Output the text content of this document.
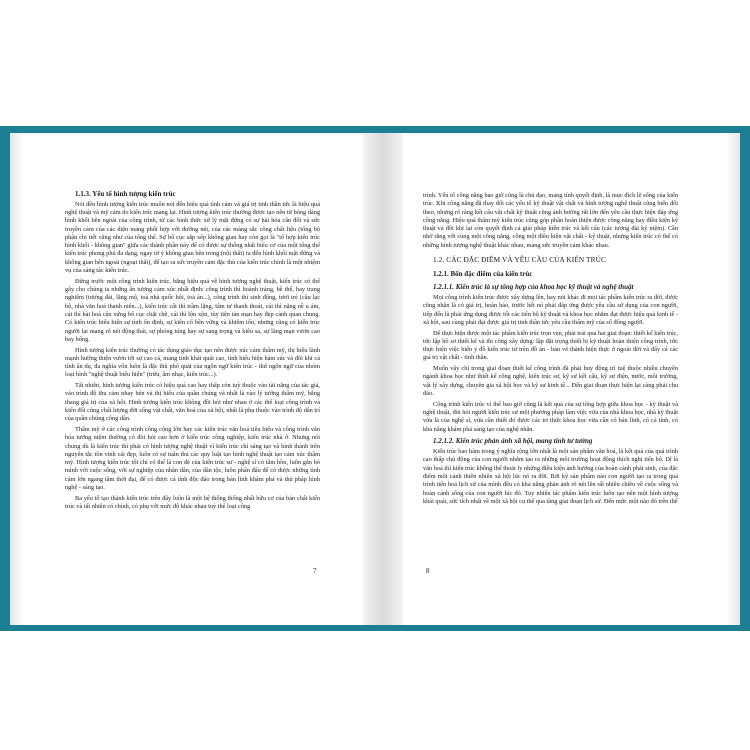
1.1.3. Yếu tố hình tượng kiến trúc

Nói đến hình tượng kiến trúc muốn nói đến hiệu quả tình cảm và giá trị tinh thần tức là hiệu quả nghệ thuật và mỹ cảm do kiến trúc mang lại. Hình tượng kiến trúc thường được tạo nên từ bóng dáng hình khối bên ngoài của công trình, từ các hình thức xử lý mặt đứng có sự hài hòa cân đối và sức truyền cảm của các diện mảng phối hợp với đường nét, của các mảng sắc công chất liệu (tổng bộ phận chi tiết cũng như của tổng thể. Sự bố cục sắp xếp không gian hay còn gọi là "tổ hợp kiến trúc hình khối - không gian" giữa các thành phần này để có được sự thống nhất biểu cơ của một tổng thể kiến trúc phong phú đa dạng, ngay từ ý không gian bên trong (nội thất) ra đến hình khối mặt đứng và không gian bên ngoài (ngoại thất), để tạo ra sức truyền cảm đặc thù của kiến trúc chính là một nhiệm vụ của sáng tác kiến trúc.

Đừng trước một công trình kiến trúc, bằng hiệu quả về hình tượng nghệ thuật, kiến trúc có thể gây cho chúng ta những ấn tượng cảm xúc nhất định: công trình thì hoành tráng, bề thế, hay trang nghiêm (tượng đài, lăng mộ, toà nhà quốc hội, toà án...), công trình thì sinh động, tươi trẻ (câu lạc bộ, nhà văn hoá thanh niên...), kiến trúc cất thì trầm lặng, tâm tư thanh thoát, cái thì nặng nề u ám, cái thì hài hoà cân xứng bố cục chặt chẽ, cái thì lộn xộn, tùy tiện tản mạn hay đẹp cảnh quan chung. Có kiến trúc biểu hiện sự tình ổn định, sự kiên cố bền vững và khiêm tốn, nhưng cũng có kiến trúc người lại mang rõ nét động thái, sự phóng túng hay sự sang trọng và kiêu sa, sự lãng mạn vươn cao bay bổng.

Hình tượng kiến trúc thường có tác dụng giáo dục tạo nên được xúc cảm thẩm mỹ, thị hiếu lành mạnh hướng thiện vươn tới sự cao cả, mang tính khái quát cao, tính hiểu hiện hàm súc và đôi khi cả tính ẩn dụ, đa nghĩa vốn luôn là đặc thù phổ quát của ngôn ngữ kiến trúc - thứ ngôn ngữ của nhóm loại hình "nghệ thuật biểu hiện" (trừu, âm nhạc, kiến trúc...).

Tất nhiên, hình tượng kiến trúc có hiệu quả cao hay thấp còn tuỳ thuộc vào tài năng của tác giả, vào trình độ thu cảm nhay bén và thị hiếu của quần chúng và nhất là vào lý tưởng thẩm mỹ, bằng thang giá trị của xã hội. Hình tượng kiến trúc không đồi hỏi như nhau ở các thể loại công trình và kiến đối cũng chất lượng đời sống vật chất, văn hoá của xã hội, nhất là phụ thuộc vào trình độ dân trí của quần chúng công dân.

Thẩm mỹ ở các công trình công cộng lớn hay các kiến trúc văn hoá tiêu biểu và công trình văn hóa tưởng niệm thường có đòi hỏi cao hơn ở kiến trúc công nghiệp, kiến trúc nhà ở. Nhưng nói chung dù là kiến trúc thì phải có hình tượng nghệ thuật vì kiến trúc chỉ sáng tạo và hình thành trên nguyên tắc tồn vinh cái đẹp, luôn có sự tuân thủ các quy luật tạo hình nghệ thuật tạo cảm xúc thẩm mỹ. Hình tượng kiến trúc tốt chỉ có thể là con đẻ của kiến trúc sư - nghệ sĩ có tâm hồn, luôn gắn bó mình với cuộc sống, với sự nghiệp của nhân dân, của dân tộc, luôn phấn đấu để có được những tình cảm lớn ngang tầm thời đại, để có được cả tính độc đáo trong bản lĩnh khám phá và thủ pháp hình nghệ - sáng tạo.

Ba yếu tố tạo thành kiến trúc trên đây luôn là một hệ thống thống nhất hữu cơ của bản chất kiến trúc và tất nhiên có chính, có phụ với mức độ khác nhau tuỳ thể loại công

7

trình. Yếu tố công năng bao giờ cũng là chủ đạo, mang tính quyết định, là mục đích lẽ sống của kiến trúc. Khi công năng đã thay đổi các yếu tố kỹ thuật vật chất và hình tượng nghệ thuật cũng biến đổi theo, nhưng rõ ràng kết cấu vật chất kỹ thuật cũng ảnh hưởng rất lớn đến yêu cầu thực hiện đáp ứng công năng. Hiệu quả thẩm mỹ kiến trúc cũng góp phần hoàn thiện được công năng hay điều kiện kỹ thuật và đôi khi lại còn quyết định cả giải pháp kiến trúc và kết cấu (các tượng đài ký niệm). Cần nhớ rằng với cùng một công năng, công một điều kiện vật chất - kỹ thuật, nhưng kiến trúc có thể có những hình tượng nghệ thuật khác nhau, mang sức truyền cảm khác nhau.

1.2. CÁC ĐẶC ĐIỂM VÀ YÊU CẦU CỦA KIẾN TRÚC

1.2.1. Bốn đặc điểm của kiến trúc

1.2.1.1. Kiến trúc là sự tổng hợp của khoa học kỹ thuật và nghệ thuật

Mọi công trình kiến trúc được xây dựng lên, hay nói khác đi mọi tác phẩm kiến trúc ra đời, được công nhận là có giá trị, hoàn hảo, trước hết nó phải đáp ứng được yêu cầu sử dụng của con người, tiếp đến là phải ứng dụng được tốt các tiến bộ kỹ thuật và khoa học nhằm đạt được hiệu quả kinh tế - xã hội, sau cùng phải đạt được giá trị tinh thần tức yêu cầu thẩm mỹ của số đông người.

Để thực hiện được một tác phẩm kiến trúc trọn vẹn, phải trải qua hai giai đoạn: thiết kế kiến trúc, tức lập hồ sơ thiết kế và thi công xây dựng: lập đặt trọng thiết bị kỹ thuật hoàn thiện công trình, tức thực hiện việc biến ý đồ kiến trúc từ trên đồ án - bản vẽ thành hiện thực ở ngoài đời và đấy cả các giá trị vật chất - tinh thần.

Muốn vậy chỉ trong giai đoạn thiết kế công trình đã phải huy động trí tuệ thuộc nhiều chuyên ngành khoa học như thiết kế công nghệ, kiến trúc sư, kỹ sư kết cấu, kỹ sư điện, nước, môi trường, vật lý xây dựng, chuyên gia xã hội học và kỹ sư kinh tế... Đến giai đoạn thực hiện lại càng phải chu đáo.

Công trình kiến trúc vì thế bao giờ cũng là kết quả của sự tổng hợp giữa khoa học - kỹ thuật và nghệ thuật, đòi hỏi người kiến trúc sư một phương pháp làm việc vừa của nhà khoa học, nhà kỹ thuật vừa là của nghệ sĩ, vừa cần thiết đó được các tri thức khoa học vừa cần có bản lĩnh, có cá tính, có khả năng khám phá sáng tạo của nghệ nhân.

1.2.1.2. Kiến trúc phản ánh xã hội, mang tính tư tưởng

Kiến trúc bao hàm trong ý nghĩa rộng lớn nhất là một sản phẩm văn hoá, là kết quả của quá trình cao thấp chủ động của con người nhằm tạo ra những môi trường hoạt động thích nghi tiến bộ. Dĩ là văn hoá thì kiến trúc không thể thoát ly những điều kiện ảnh hưởng của hoàn cảnh phát sinh, của đặc điểm môi cảnh thiên nhiên xã hội lúc nó ra đời. Bởi kỹ sản phẩm nào con người tạo ra trong quá trình tiến hoá lịch sử của mình đều có khả năng phản ánh rõ nét lên rất nhiều chiều về cuộc sống và hoàn cảnh sống của con người lúc đó. Tuy nhiên tác phẩm kiến trúc luôn tạo nên một hình tượng khái quát, sức tích nhất về một xã hội cụ thể qua tầng giai đoạn lịch sử. Đến mức một nào đó trên thế

8
